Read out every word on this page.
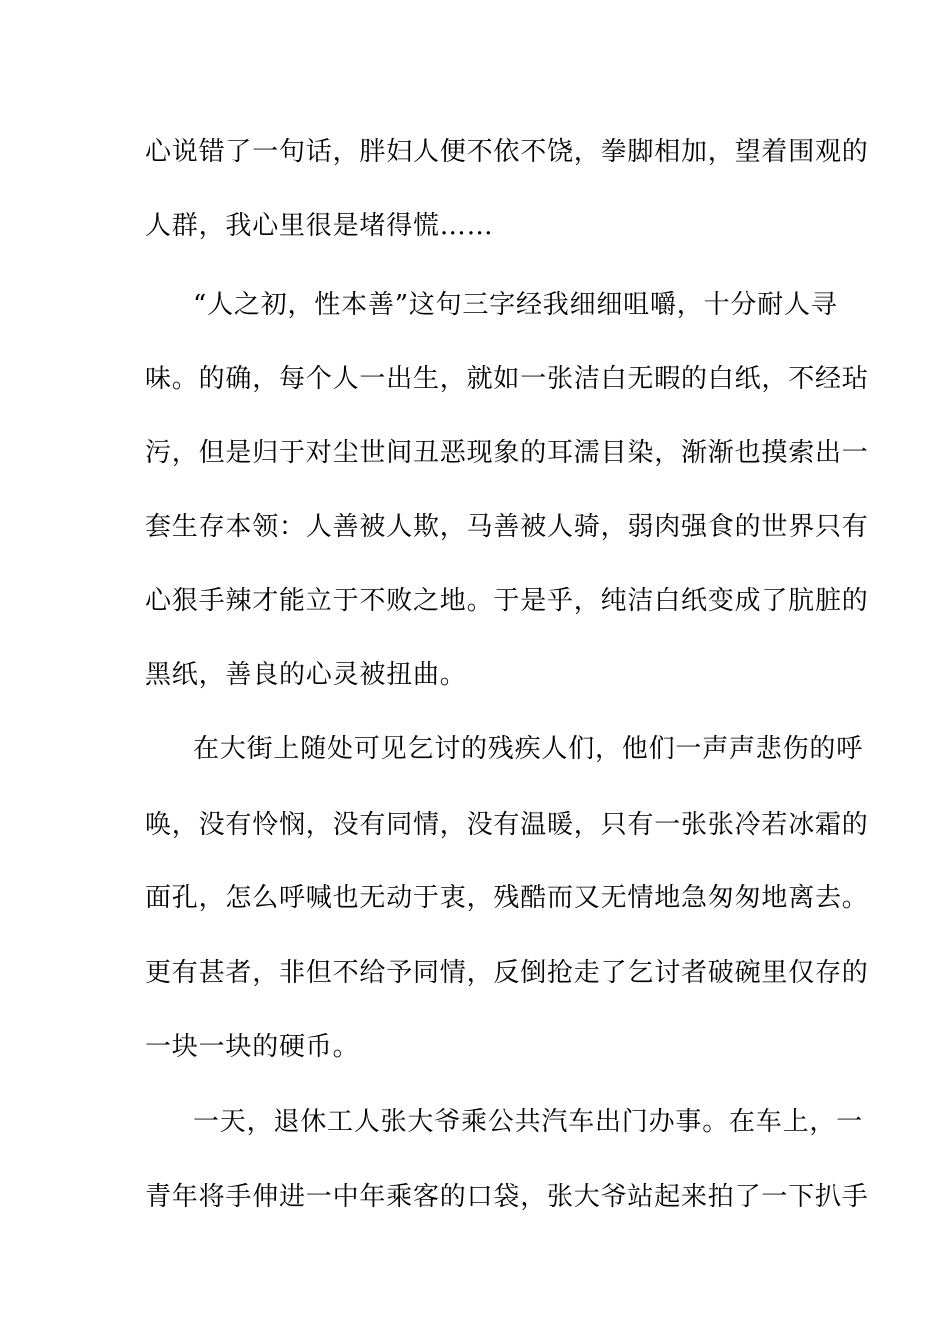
心说错了一句话，胖妇人便不依不饶，拳脚相加，望着围观的
人群，我心里很是堵得慌……
“人之初，性本善”这句三字经我细细咀嚼，十分耐人寻
味。的确，每个人一出生，就如一张洁白无暇的白纸，不经玷
污，但是归于对尘世间丑恶现象的耳濡目染，渐渐也摸索出一
套生存本领：人善被人欺，马善被人骑，弱肉强食的世界只有
心狠手辣才能立于不败之地。于是乎，纯洁白纸变成了肮脏的
黑纸，善良的心灵被扭曲。
在大街上随处可见乞讨的残疾人们，他们一声声悲伤的呼
唤，没有怜悯，没有同情，没有温暖，只有一张张冷若冰霜的
面孔，怎么呼喊也无动于衷，残酷而又无情地急匆匆地离去。
更有甚者，非但不给予同情，反倒抢走了乞讨者破碗里仅存的
一块一块的硬币。
一天，退休工人张大爷乘公共汽车出门办事。在车上，一
青年将手伸进一中年乘客的口袋，张大爷站起来拍了一下扒手
